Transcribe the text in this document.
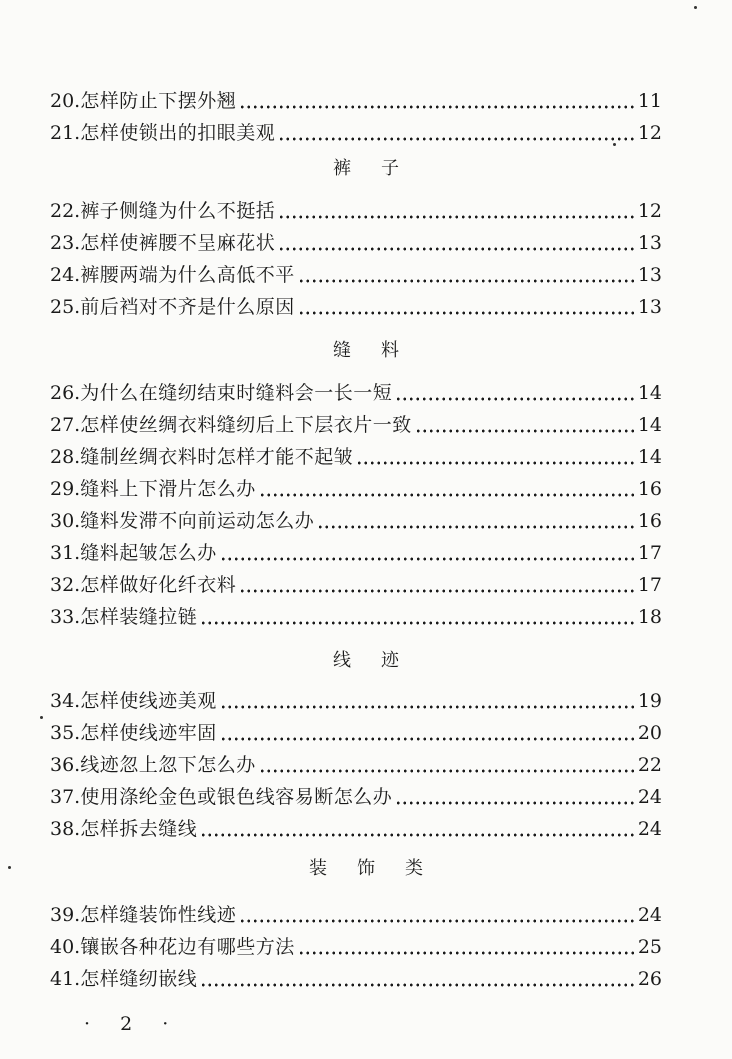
20. 怎样防止下摆外翘	11
21. 怎样使锁出的扣眼美观	12
裤子
22. 裤子侧缝为什么不挺括	12
23. 怎样使裤腰不呈麻花状	13
24. 裤腰两端为什么高低不平	13
25. 前后裆对不齐是什么原因	13
缝料
26. 为什么在缝纫结束时缝料会一长一短	14
27. 怎样使丝绸衣料缝纫后上下层衣片一致	14
28. 缝制丝绸衣料时怎样才能不起皱	14
29. 缝料上下滑片怎么办	16
30. 缝料发滞不向前运动怎么办	16
31. 缝料起皱怎么办	17
32. 怎样做好化纤衣料	17
33. 怎样装缝拉链	18
线迹
34. 怎样使线迹美观	19
35. 怎样使线迹牢固	20
36. 线迹忽上忽下怎么办	22
37. 使用涤纶金色或银色线容易断怎么办	24
38. 怎样拆去缝线	24
装饰类
39. 怎样缝装饰性线迹	24
40. 镶嵌各种花边有哪些方法	25
41. 怎样缝纫嵌线	26
· 2 ·
